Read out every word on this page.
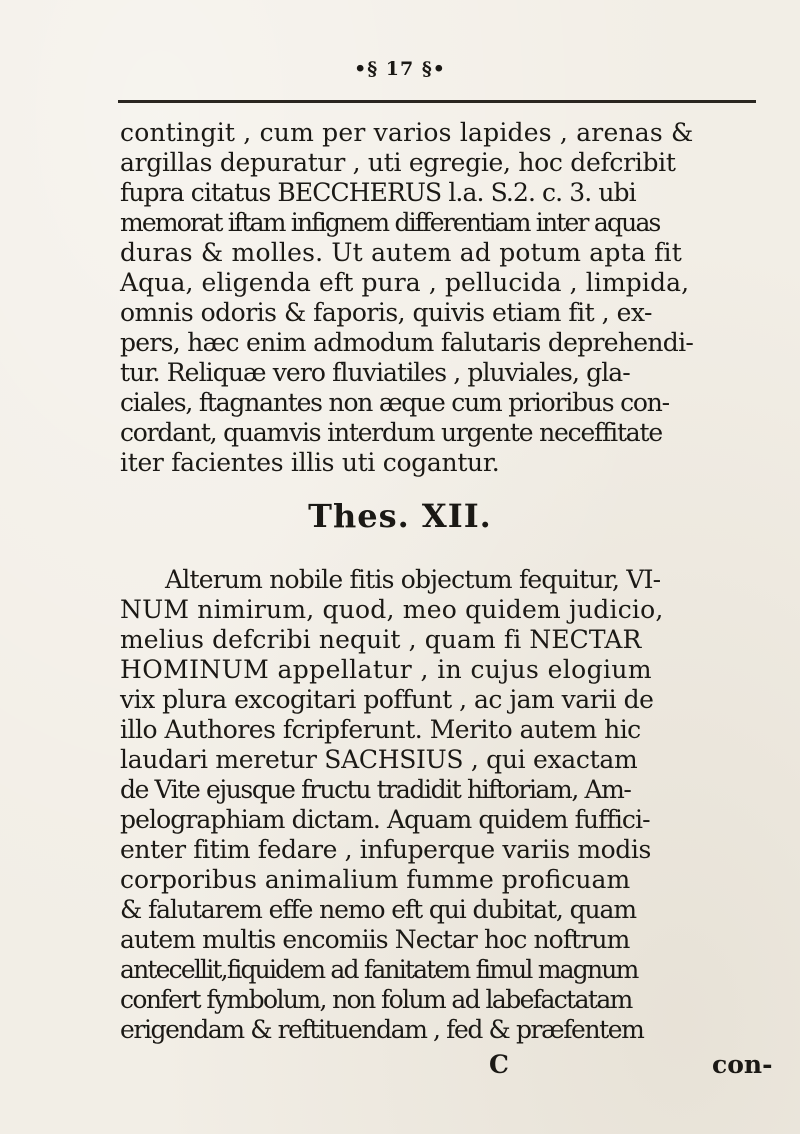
•§ 17 §•
contingit , cum per varios lapides , arenas &
argillas depuratur , uti egregie, hoc defcribit
fupra citatus BECCHERUS l.a. S.2. c. 3. ubi
memorat iftam infignem differentiam inter aquas
duras & molles. Ut autem ad potum apta fit
Aqua, eligenda eft pura , pellucida , limpida,
omnis odoris & faporis, quivis etiam fit , ex-
pers, hæc enim admodum falutaris deprehendi-
tur. Reliquæ vero fluviatiles , pluviales, gla-
ciales, ftagnantes non æque cum prioribus con-
cordant, quamvis interdum urgente neceffitate
iter facientes illis uti cogantur.
Thes. XII.
Alterum nobile fitis objectum fequitur, VI-
NUM nimirum, quod, meo quidem judicio,
melius defcribi nequit , quam fi NECTAR
HOMINUM appellatur , in cujus elogium
vix plura excogitari poffunt , ac jam varii de
illo Authores fcripferunt. Merito autem hic
laudari meretur SACHSIUS , qui exactam
de Vite ejusque fructu tradidit hiftoriam, Am-
pelographiam dictam. Aquam quidem fuffici-
enter fitim fedare , infuperque variis modis
corporibus animalium fumme proficuam
& falutarem effe nemo eft qui dubitat, quam
autem multis encomiis Nectar hoc noftrum
antecellit,fiquidem ad fanitatem fimul magnum
confert fymbolum, non folum ad labefactatam
erigendam & reftituendam , fed & præfentem
C	con-
